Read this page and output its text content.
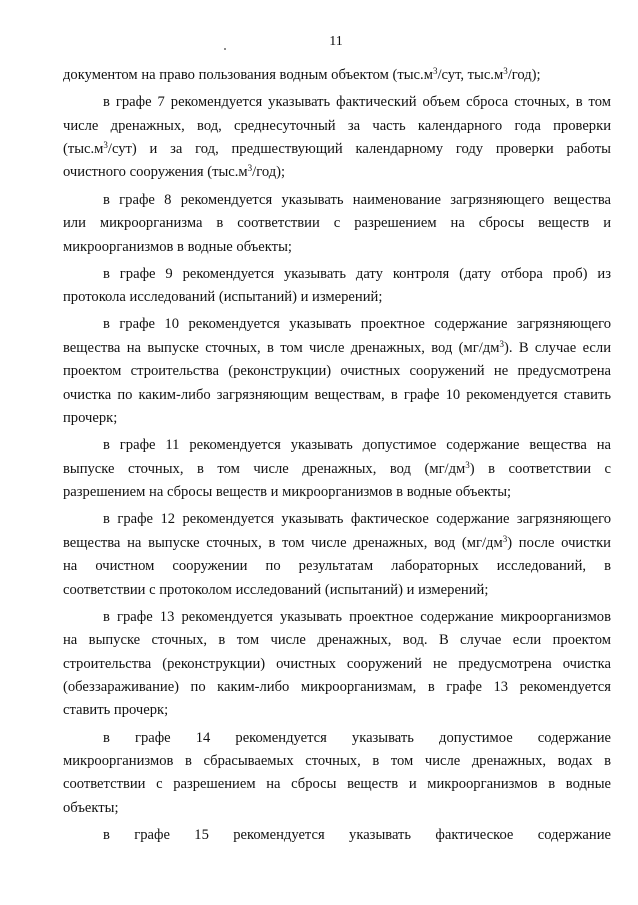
11
документом на право пользования водным объектом ($тыс.м^3$/сут, $тыс.м^3/год$);
в графе 7 рекомендуется указывать фактический объем сброса сточных, в том
числе дренажных, вод, среднесуточный за часть календарного года проверки
$(тыс.м^3/сут)$ и за год, предшествующий календарному году проверки работы
очистного сооружения $(тыс.м^3/год)$;
в графе 8 рекомендуется указывать наименование загрязняющего вещества
или микроорганизма в соответствии с разрешением на сбросы веществ и
микроорганизмов в водные объекты;
в графе 9 рекомендуется указывать дату контроля (дату отбора проб) из
протокола исследований (испытаний) и измерений;
в графе 10 рекомендуется указывать проектное содержание загрязняющего
вещества на выпуске сточных, в том числе дренажных, вод $(мг/дм^3)$. В случае если
проектом строительства (реконструкции) очистных сооружений не предусмотрена
очистка по каким-либо загрязняющим веществам, в графе 10 рекомендуется ставить
прочерк;
в графе 11 рекомендуется указывать допустимое содержание вещества на
выпуске сточных, в том числе дренажных, вод $(мг/дм^3)$ в соответствии с
разрешением на сбросы веществ и микроорганизмов в водные объекты;
в графе 12 рекомендуется указывать фактическое содержание загрязняющего
вещества на выпуске сточных, в том числе дренажных, вод $(мг/дм^3)$ после очистки
на очистном сооружении по результатам лабораторных исследований, в
соответствии с протоколом исследований (испытаний) и измерений;
в графе 13 рекомендуется указывать проектное содержание микроорганизмов
на выпуске сточных, в том числе дренажных, вод. В случае если проектом
строительства (реконструкции) очистных сооружений не предусмотрена очистка
(обеззараживание) по каким-либо микроорганизмам, в графе 13 рекомендуется
ставить прочерк;
в графе 14 рекомендуется указывать допустимое содержание
микроорганизмов в сбрасываемых сточных, в том числе дренажных, водах в
соответствии с разрешением на сбросы веществ и микроорганизмов в водные
объекты;
в графе 15 рекомендуется указывать фактическое содержание
